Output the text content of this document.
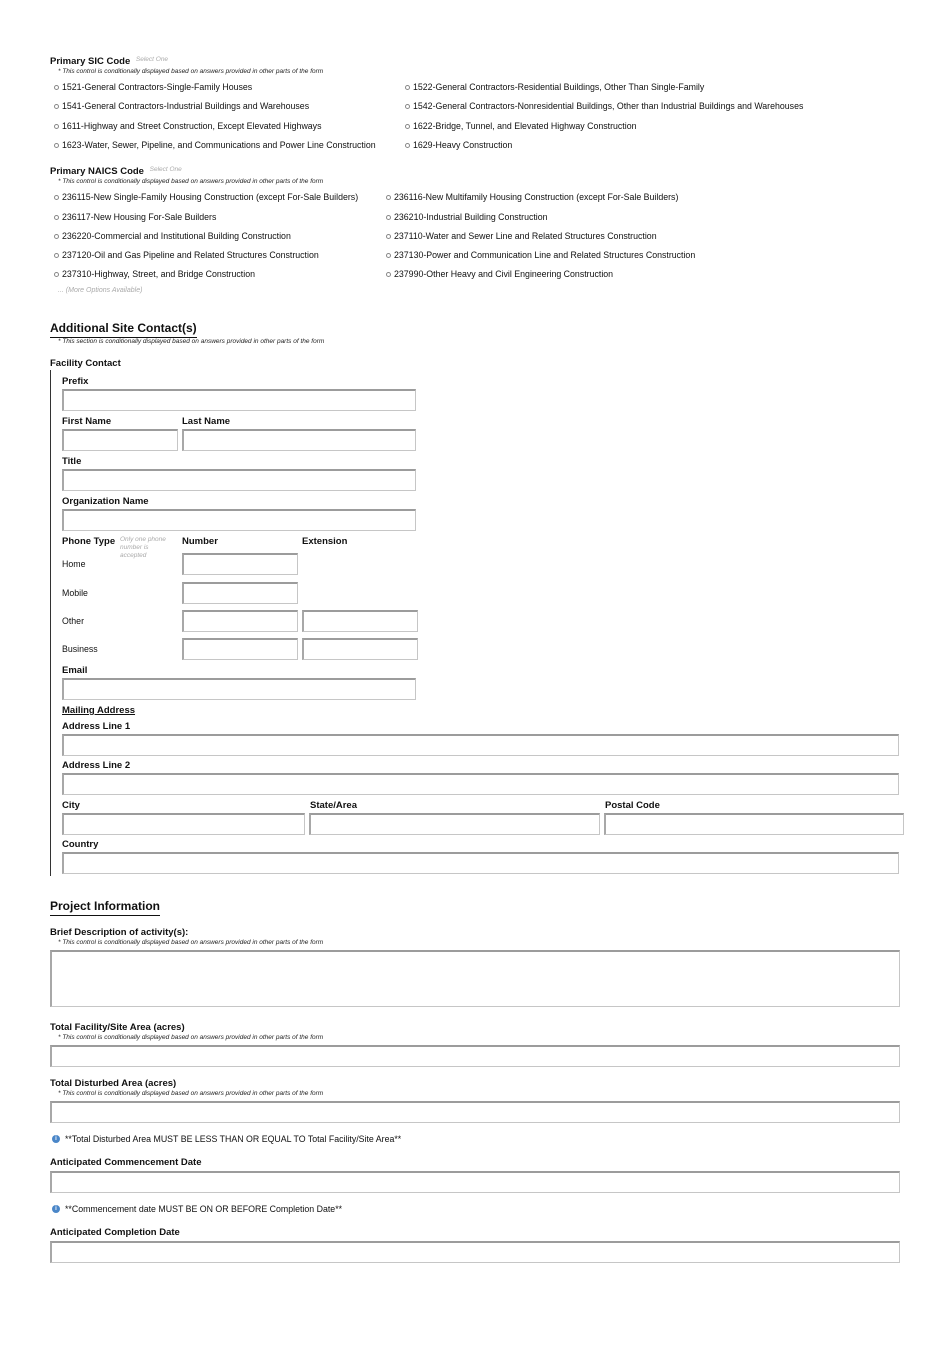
Primary SIC Code $^{Select One}$
* This control is conditionally displayed based on answers provided in other parts of the form
1521-General Contractors-Single-Family Houses	1522-General Contractors-Residential Buildings, Other Than Single-Family
1541-General Contractors-Industrial Buildings and Warehouses	1542-General Contractors-Nonresidential Buildings, Other than Industrial Buildings and Warehouses
1611-Highway and Street Construction, Except Elevated Highways	1622-Bridge, Tunnel, and Elevated Highway Construction
1623-Water, Sewer, Pipeline, and Communications and Power Line Construction	1629-Heavy Construction
Primary NAICS Code $^{Select One}$
* This control is conditionally displayed based on answers provided in other parts of the form
236115-New Single-Family Housing Construction (except For-Sale Builders)	236116-New Multifamily Housing Construction (except For-Sale Builders)
236117-New Housing For-Sale Builders	236210-Industrial Building Construction
236220-Commercial and Institutional Building Construction	237110-Water and Sewer Line and Related Structures Construction
237120-Oil and Gas Pipeline and Related Structures Construction	237130-Power and Communication Line and Related Structures Construction
237310-Highway, Street, and Bridge Construction	237990-Other Heavy and Civil Engineering Construction
... (More Options Available)
Additional Site Contact(s)
* This section is conditionally displayed based on answers provided in other parts of the form
Facility Contact
Prefix
First Name	Last Name
Title
Organization Name
Phone Type Only one phone number is accepted
Number	Extension
Home
Mobile
Other
Business
Email
Mailing Address
Address Line 1
Address Line 2
City	State/Area	Postal Code
Country
Project Information
Brief Description of activity(s):
* This control is conditionally displayed based on answers provided in other parts of the form
Total Facility/Site Area (acres)
* This control is conditionally displayed based on answers provided in other parts of the form
Total Disturbed Area (acres)
* This control is conditionally displayed based on answers provided in other parts of the form
i **Total Disturbed Area MUST BE LESS THAN OR EQUAL TO Total Facility/Site Area**
Anticipated Commencement Date
i **Commencement date MUST BE ON OR BEFORE Completion Date**
Anticipated Completion Date
